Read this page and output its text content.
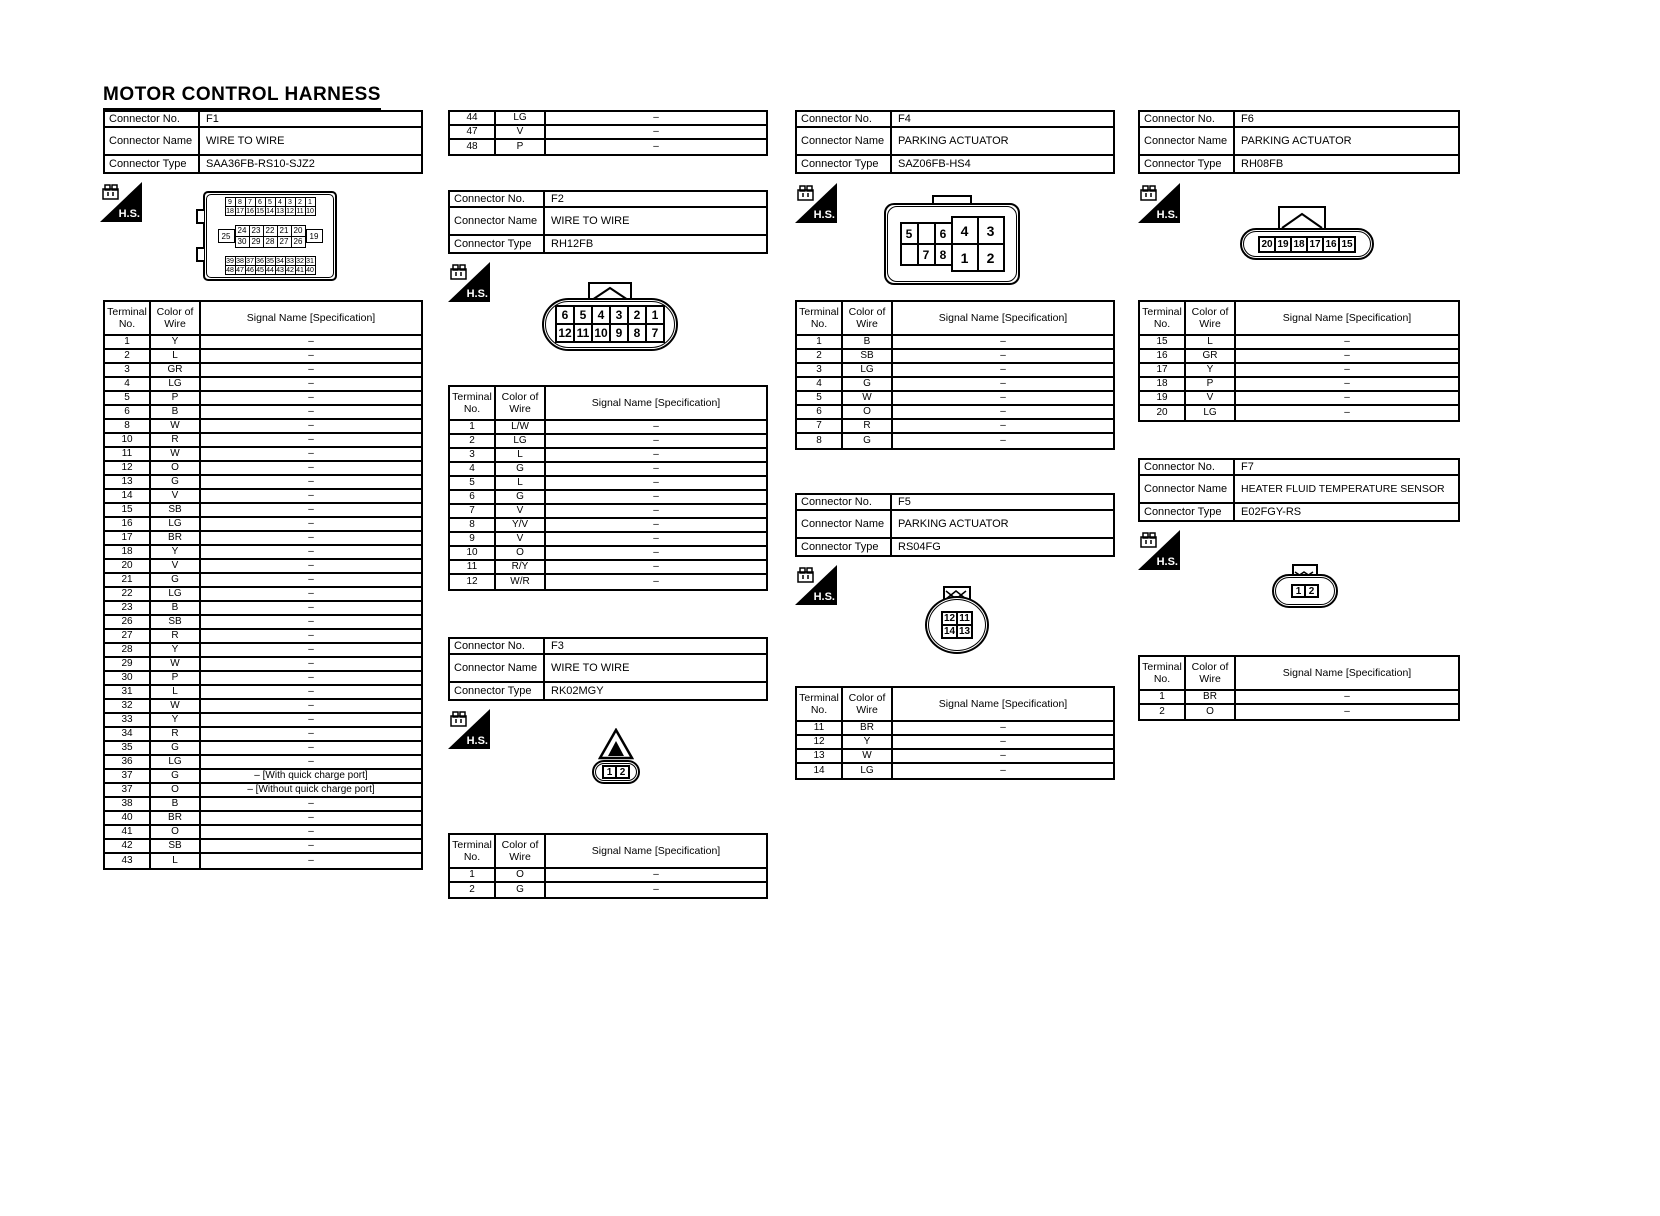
MOTOR CONTROL HARNESS
Connector No.	F1
Connector Name	WIRE TO WIRE
Connector Type	SAA36FB-RS10-SJZ2
H.S.
9 8 7 6 5 4 3 2 1
18 17 16 15 14 13 12 11 10
25
24 23 22 21 20
30 29 28 27 26
19
39 38 37 36 35 34 33 32 31
48 47 46 45 44 43 42 41 40
Terminal No.
Color of Wire	Signal Name [Specification]
1	Y	–
2	L	–
3	GR	–
4	LG	–
5	P	–
6	B	–
8	W	–
10	R	–
11	W	–
12	O	–
13	G	–
14	V	–
15	SB	–
16	LG	–
17	BR	–
18	Y	–
20	V	–
21	G	–
22	LG	–
23	B	–
26	SB	–
27	R	–
28	Y	–
29	W	–
30	P	–
31	L	–
32	W	–
33	Y	–
34	R	–
35	G	–
36	LG	–
37	G	– [With quick charge port]
37	O	– [Without quick charge port]
38	B	–
40	BR	–
41	O	–
42	SB	–
43	L	–
44	LG	–
47	V	–
48	P	–
Connector No.	F2
Connector Name	WIRE TO WIRE
Connector Type	RH12FB
H.S.
6 5 4 3 2 1
12 11 10 9 8 7
Terminal No.
Color of Wire	Signal Name [Specification]
1	L/W	–
2	LG	–
3	L	–
4	G	–
5	L	–
6	G	–
7	V	–
8	Y/V	–
9	V	–
10	O	–
11	R/Y	–
12	W/R	–
Connector No.	F3
Connector Name	WIRE TO WIRE
Connector Type	RK02MGY
H.S.
1 2
Terminal No.
Color of Wire	Signal Name [Specification]
1	O	–
2	G	–
Connector No.	F4
Connector Name	PARKING ACTUATOR
Connector Type	SAZ06FB-HS4
H.S.
5	6
7 8
4	3
1	2
Terminal No.
Color of Wire	Signal Name [Specification]
1	B	–
2	SB	–
3	LG	–
4	G	–
5	W	–
6	O	–
7	R	–
8	G	–
Connector No.	F5
Connector Name	PARKING ACTUATOR
Connector Type	RS04FG
H.S.
12 11
14 13
Terminal No.
Color of Wire	Signal Name [Specification]
11	BR	–
12	Y	–
13	W	–
14	LG	–
Connector No.	F6
Connector Name	PARKING ACTUATOR
Connector Type	RH08FB
H.S.
20 19 18 17 16 15
Terminal No.
Color of Wire	Signal Name [Specification]
15	L	–
16	GR	–
17	Y	–
18	P	–
19	V	–
20	LG	–
Connector No.	F7
Connector Name	HEATER FLUID TEMPERATURE SENSOR
Connector Type	E02FGY-RS
H.S.
1 2
Terminal No.
Color of Wire	Signal Name [Specification]
1	BR	–
2	O	–
